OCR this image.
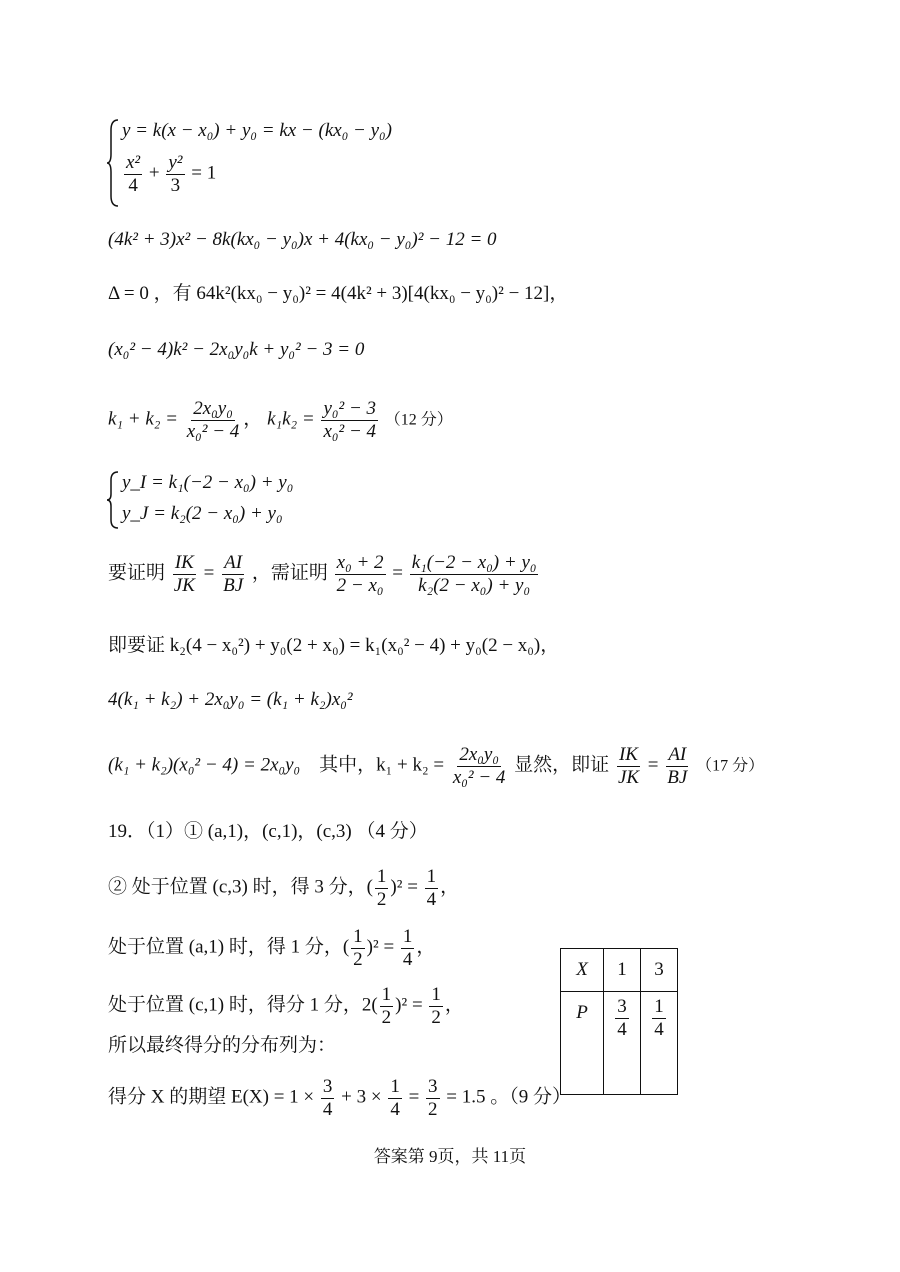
y = k(x − x₀) + y₀ = kx − (kx₀ − y₀)
$\frac{\text{x²}}{4} + \frac{\text{y²}}{3} = 1$
(4k² + 3)x² − 8k(kx₀ − y₀)x + 4(kx₀ − y₀)² − 12 = 0
Δ = 0 ，有 64k²(kx₀ − y₀)² = 4(4k² + 3)[4(kx₀ − y₀)² − 12]，
(x₀² − 4)k² − 2x₀y₀k + y₀² − 3 = 0
$k_1 + k_2 = \frac{\text{2x₀y₀}}{\text{x₀² − 4}}$ ， $k_1k_2 = \frac{\text{y₀² − 3}}{\text{x₀² − 4}} (12$ 分）
y_I = k₁(−2 − x₀) + y₀
y_J = k₂(2 − x₀) + y₀
要证明 $\frac{IK}{JK} = \frac{AI}{BJ}$ ，需证明 $\frac{\text{x₀ + 2}}{\text{2 − x₀}} = \frac{\text{k₁(−2 − x₀) + y₀}}{\text{k₂(2 − x₀) + y₀}}$
即要证 k₂(4 − x₀²) + y₀(2 + x₀) = k₁(x₀² − 4) + y₀(2 − x₀)，
4(k₁ + k₂) + 2x₀y₀ = (k₁ + k₂)x₀²
(k₁ + k₂)(x₀² − 4) = 2x₀y₀ 其中，$k_1 + k_2 = \frac{\text{2x₀y₀}}{\text{x₀² − 4}}$ 显然，即证 $\frac{IK}{JK} = \frac{AI}{BJ} (17$ 分）
19．（1）① (a,1)，(c,1)，(c,3) （4 分）
② 处于位置 (c,3) 时，得 3 分，( $\frac{1}{2} )^2 = \frac{1}{4}$ ，
处于位置 (a,1) 时，得 1 分，( $\frac{1}{2} )^2 = \frac{1}{4}$ ，
处于位置 (c,1) 时，得分 1 分，$2( \frac{1}{2} )^2 = \frac{1}{2}$ ，
所以最终得分的分布列为：
得分 X 的期望 $E(X) = 1 \times \frac{3}{4} + 3 \times \frac{1}{4} = \frac{3}{2} = 1.5$ 。（9 分）
X	1	3
P	$\frac{3}{4}$	$\frac{1}{4}$
答案第 9页，共 11页
